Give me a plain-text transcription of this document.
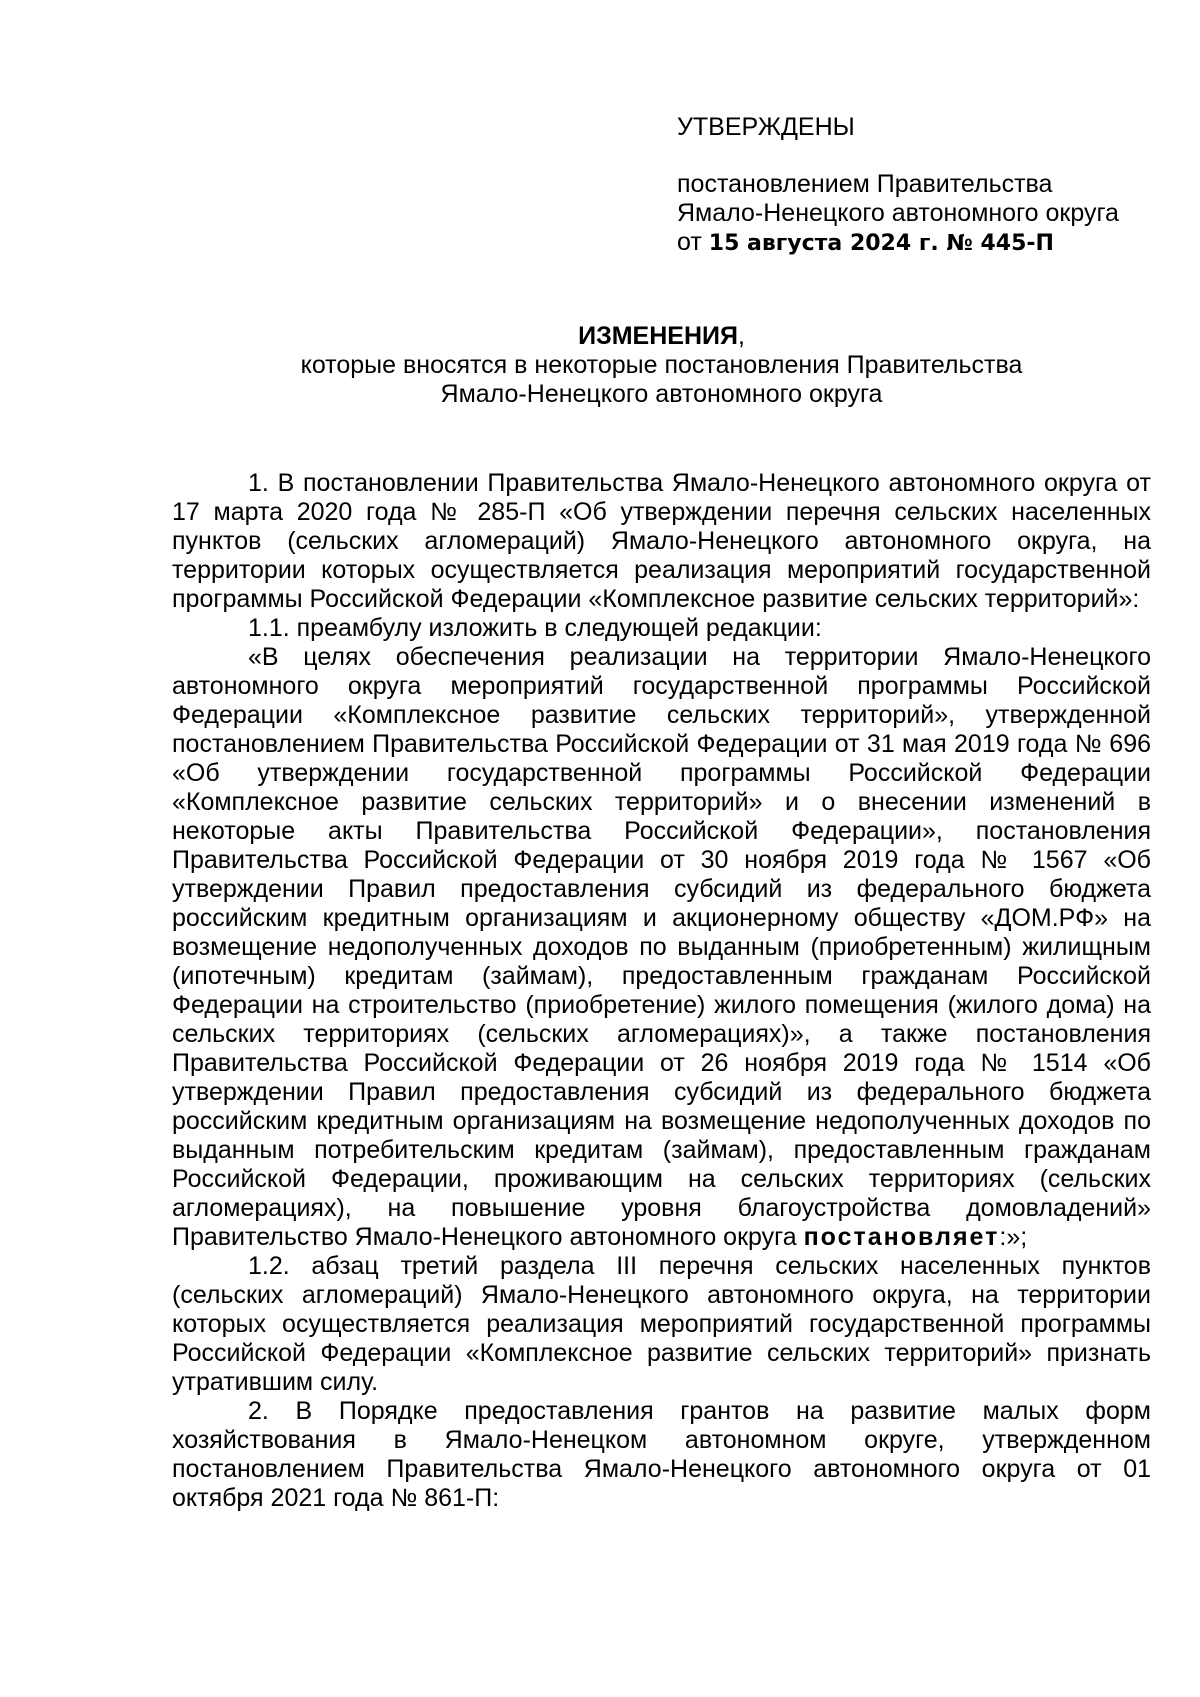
УТВЕРЖДЕНЫ
постановлением Правительства
Ямало-Ненецкого автономного округа
от 15 августа 2024 г. № 445-П
ИЗМЕНЕНИЯ,
которые вносятся в некоторые постановления Правительства
Ямало-Ненецкого автономного округа

1. В постановлении Правительства Ямало-Ненецкого автономного округа от 17 марта 2020 года № 285-П «Об утверждении перечня сельских населенных пунктов (сельских агломераций) Ямало-Ненецкого автономного округа, на территории которых осуществляется реализация мероприятий государственной программы Российской Федерации «Комплексное развитие сельских территорий»:

1.1. преамбулу изложить в следующей редакции:

«В целях обеспечения реализации на территории Ямало-Ненецкого автономного округа мероприятий государственной программы Российской Федерации «Комплексное развитие сельских территорий», утвержденной постановлением Правительства Российской Федерации от 31 мая 2019 года № 696 «Об утверждении государственной программы Российской Федерации «Комплексное развитие сельских территорий» и о внесении изменений в некоторые акты Правительства Российской Федерации», постановления Правительства Российской Федерации от 30 ноября 2019 года № 1567 «Об утверждении Правил предоставления субсидий из федерального бюджета российским кредитным организациям и акционерному обществу «ДОМ.РФ» на возмещение недополученных доходов по выданным (приобретенным) жилищным (ипотечным) кредитам (займам), предоставленным гражданам Российской Федерации на строительство (приобретение) жилого помещения (жилого дома) на сельских территориях (сельских агломерациях)», а также постановления Правительства Российской Федерации от 26 ноября 2019 года № 1514 «Об утверждении Правил предоставления субсидий из федерального бюджета российским кредитным организациям на возмещение недополученных доходов по выданным потребительским кредитам (займам), предоставленным гражданам Российской Федерации, проживающим на сельских территориях (сельских агломерациях), на повышение уровня благоустройства домовладений» Правительство Ямало-Ненецкого автономного округа постановляет:»;

1.2. абзац третий раздела III перечня сельских населенных пунктов (сельских агломераций) Ямало-Ненецкого автономного округа, на территории которых осуществляется реализация мероприятий государственной программы Российской Федерации «Комплексное развитие сельских территорий» признать утратившим силу.

2. В Порядке предоставления грантов на развитие малых форм хозяйствования в Ямало-Ненецком автономном округе, утвержденном постановлением Правительства Ямало-Ненецкого автономного округа от 01 октября 2021 года № 861-П:
